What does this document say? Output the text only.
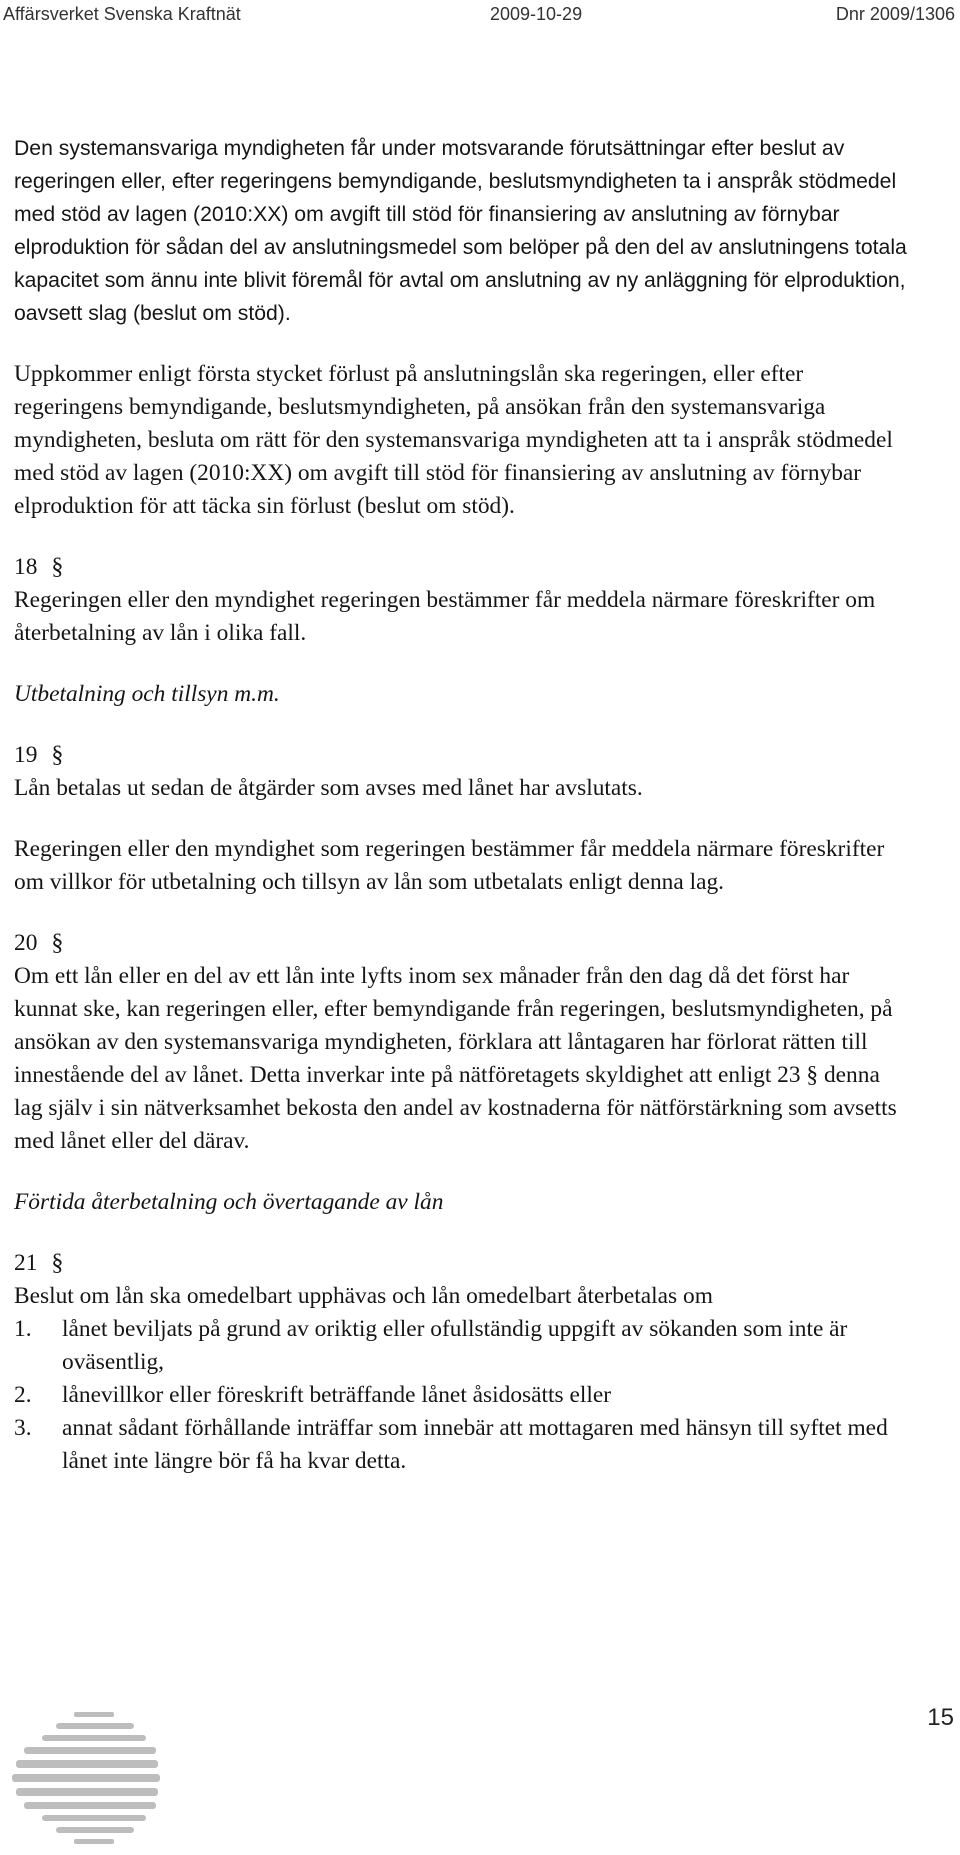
Affärsverket Svenska Kraftnät	2009-10-29	Dnr 2009/1306

Den systemansvariga myndigheten får under motsvarande förutsättningar efter beslut av regeringen eller, efter regeringens bemyndigande, beslutsmyndigheten ta i anspråk stödmedel med stöd av lagen (2010:XX) om avgift till stöd för finansiering av anslutning av förnybar elproduktion för sådan del av anslutningsmedel som belöper på den del av anslutningens totala kapacitet som ännu inte blivit föremål för avtal om anslutning av ny anläggning för elproduktion, oavsett slag (beslut om stöd).

Uppkommer enligt första stycket förlust på anslutningslån ska regeringen, eller efter regeringens bemyndigande, beslutsmyndigheten, på ansökan från den systemansvariga myndigheten, besluta om rätt för den systemansvariga myndigheten att ta i anspråk stödmedel med stöd av lagen (2010:XX) om avgift till stöd för finansiering av anslutning av förnybar elproduktion för att täcka sin förlust (beslut om stöd).

18 §

Regeringen eller den myndighet regeringen bestämmer får meddela närmare föreskrifter om återbetalning av lån i olika fall.

Utbetalning och tillsyn m.m.

19 §

Lån betalas ut sedan de åtgärder som avses med lånet har avslutats.

Regeringen eller den myndighet som regeringen bestämmer får meddela närmare föreskrifter om villkor för utbetalning och tillsyn av lån som utbetalats enligt denna lag.

20 §

Om ett lån eller en del av ett lån inte lyfts inom sex månader från den dag då det först har kunnat ske, kan regeringen eller, efter bemyndigande från regeringen, beslutsmyndigheten, på ansökan av den systemansvariga myndigheten, förklara att låntagaren har förlorat rätten till innestående del av lånet. Detta inverkar inte på nätföretagets skyldighet att enligt 23 § denna lag själv i sin nätverksamhet bekosta den andel av kostnaderna för nätförstärkning som avsetts med lånet eller del därav.

Förtida återbetalning och övertagande av lån

21 §

Beslut om lån ska omedelbart upphävas och lån omedelbart återbetalas om

1. lånet beviljats på grund av oriktig eller ofullständig uppgift av sökanden som inte är oväsentlig,
2. lånevillkor eller föreskrift beträffande lånet åsidosätts eller
3. annat sådant förhållande inträffar som innebär att mottagaren med hänsyn till syftet med lånet inte längre bör få ha kvar detta.
15
